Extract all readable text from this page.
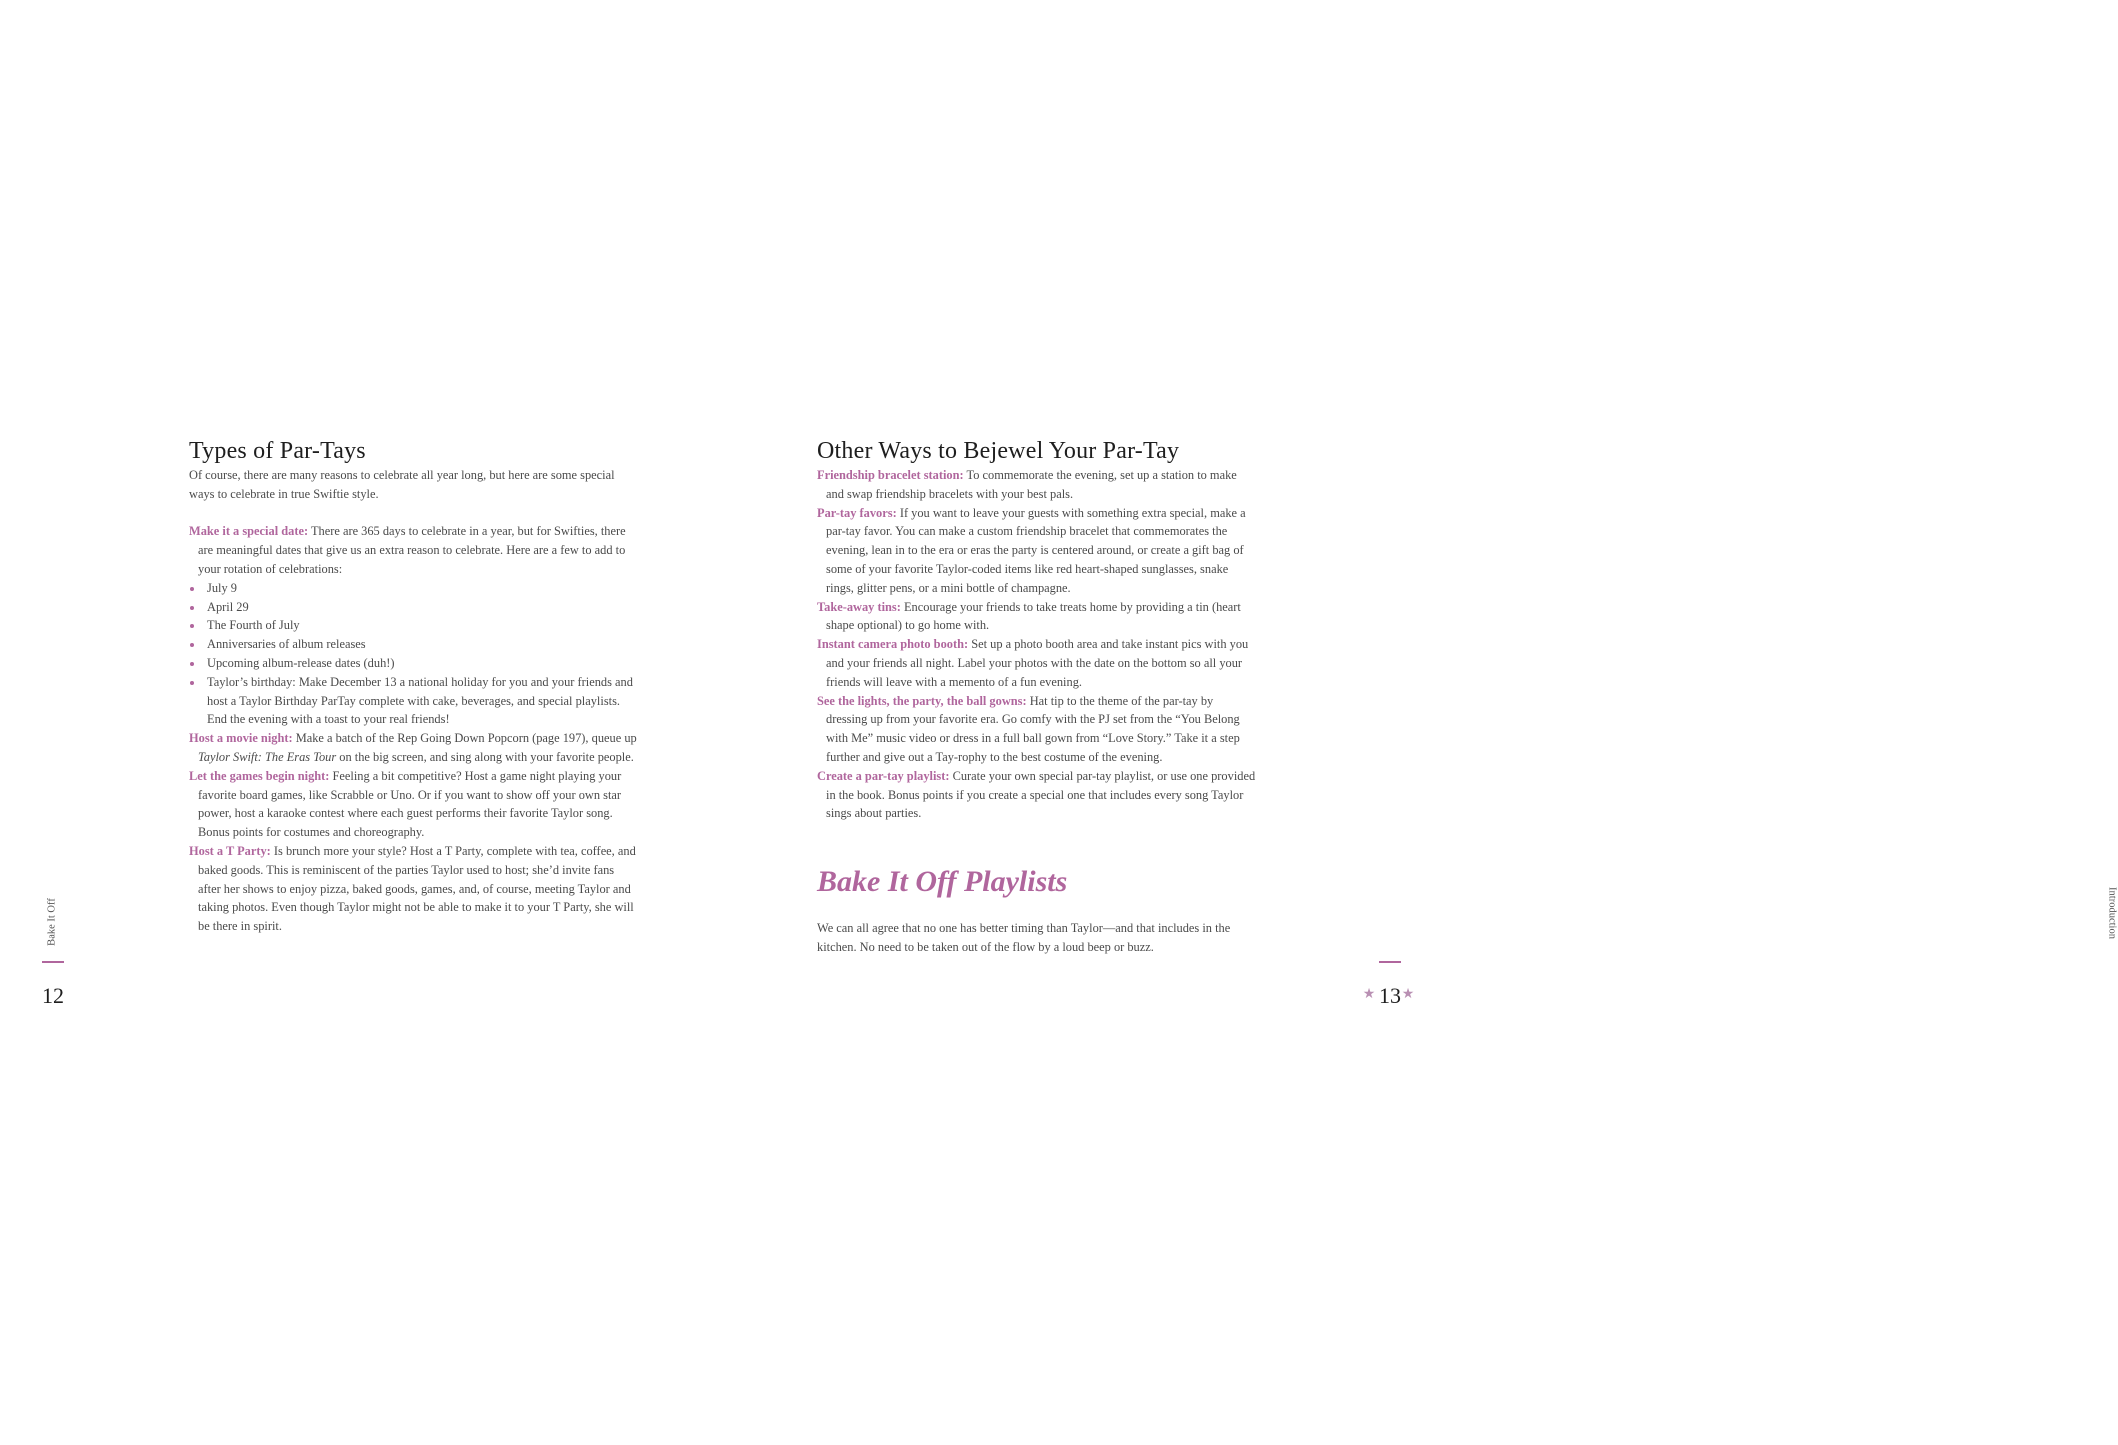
Types of Par-Tays

Of course, there are many reasons to celebrate all year long, but here are some special ways to celebrate in true Swiftie style.

Make it a special date: There are 365 days to celebrate in a year, but for Swifties, there are meaningful dates that give us an extra reason to celebrate. Here are a few to add to your rotation of celebrations:

July 9
April 29
The Fourth of July
Anniversaries of album releases
Upcoming album-release dates (duh!)
Taylor’s birthday: Make December 13 a national holiday for you and your friends and host a Taylor Birthday ParTay complete with cake, beverages, and special playlists. End the evening with a toast to your real friends!

Host a movie night: Make a batch of the Rep Going Down Popcorn (page 197), queue up Taylor Swift: The Eras Tour on the big screen, and sing along with your favorite people.

Let the games begin night: Feeling a bit competitive? Host a game night playing your favorite board games, like Scrabble or Uno. Or if you want to show off your own star power, host a karaoke contest where each guest performs their favorite Taylor song. Bonus points for costumes and choreography.

Host a T Party: Is brunch more your style? Host a T Party, complete with tea, coffee, and baked goods. This is reminiscent of the parties Taylor used to host; she’d invite fans after her shows to enjoy pizza, baked goods, games, and, of course, meeting Taylor and taking photos. Even though Taylor might not be able to make it to your T Party, she will be there in spirit.

Bake It Off
12
Other Ways to Bejewel Your Par-Tay

Friendship bracelet station: To commemorate the evening, set up a station to make and swap friendship bracelets with your best pals.

Par-tay favors: If you want to leave your guests with something extra special, make a par-tay favor. You can make a custom friendship bracelet that commemorates the evening, lean in to the era or eras the party is centered around, or create a gift bag of some of your favorite Taylor-coded items like red heart-shaped sunglasses, snake rings, glitter pens, or a mini bottle of champagne.

Take-away tins: Encourage your friends to take treats home by providing a tin (heart shape optional) to go home with.

Instant camera photo booth: Set up a photo booth area and take instant pics with you and your friends all night. Label your photos with the date on the bottom so all your friends will leave with a memento of a fun evening.

See the lights, the party, the ball gowns: Hat tip to the theme of the par-tay by dressing up from your favorite era. Go comfy with the PJ set from the “You Belong with Me” music video or dress in a full ball gown from “Love Story.” Take it a step further and give out a Tay-rophy to the best costume of the evening.

Create a par-tay playlist: Curate your own special par-tay playlist, or use one provided in the book. Bonus points if you create a special one that includes every song Taylor sings about parties.

Bake It Off Playlists

We can all agree that no one has better timing than Taylor—and that includes in the kitchen. No need to be taken out of the flow by a loud beep or buzz.

Introduction
★ 13 ★
